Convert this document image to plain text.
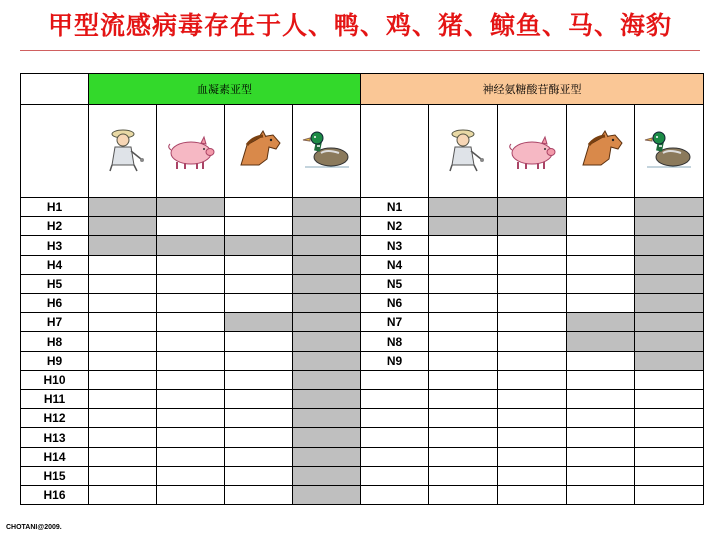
甲型流感病毒存在于人、鸭、鸡、猪、鲸鱼、马、海豹
血凝素亚型	神经氨糖酸苷酶亚型
H1	N1
H2	N2
H3	N3
H4	N4
H5	N5
H6	N6
H7	N7
H8	N8
H9	N9
H10
H11
H12
H13
H14
H15
H16
CHOTANI@2009.
